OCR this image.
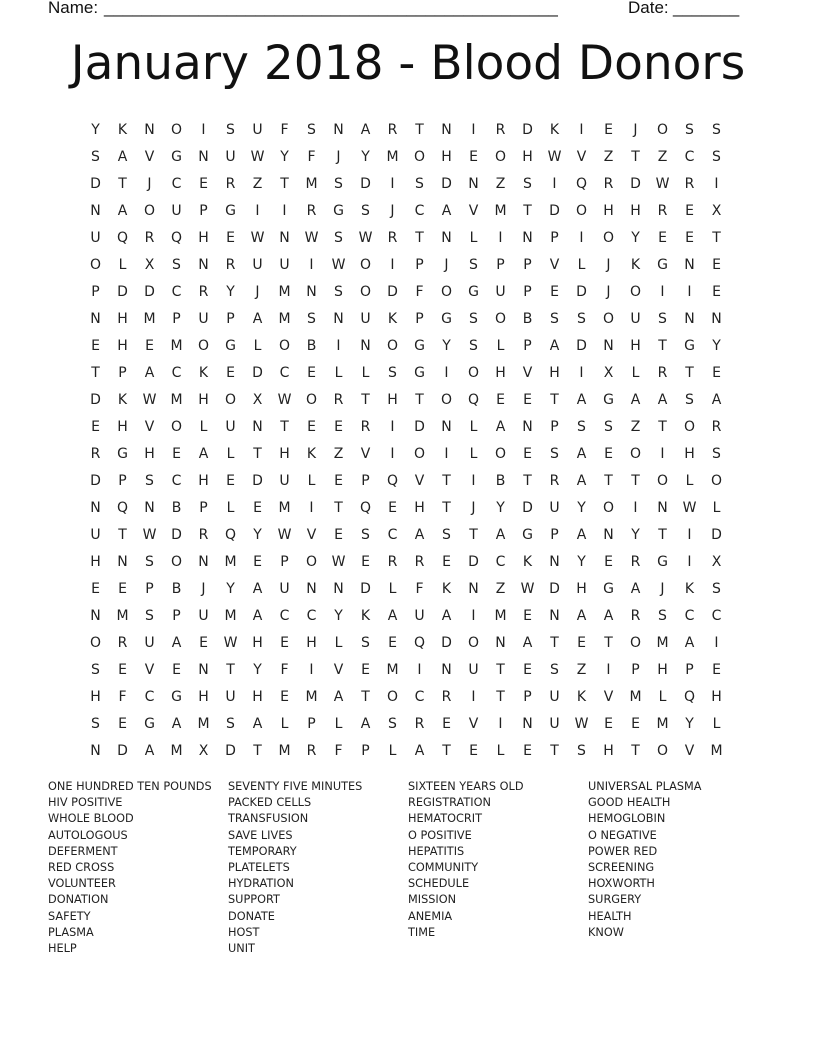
Name: ________________________________________________	Date: _______
January 2018 - Blood Donors
Y	K	N	O	I	S	U	F	S	N	A	R	T	N	I	R	D	K	I	E	J	O	S	S
S	A	V	G	N	U	W	Y	F	J	Y	M	O	H	E	O	H	W	V	Z	T	Z	C	S
D	T	J	C	E	R	Z	T	M	S	D	I	S	D	N	Z	S	I	Q	R	D	W	R	I
N	A	O	U	P	G	I	I	R	G	S	J	C	A	V	M	T	D	O	H	H	R	E	X
U	Q	R	Q	H	E	W	N	W	S	W	R	T	N	L	I	N	P	I	O	Y	E	E	T
O	L	X	S	N	R	U	U	I	W	O	I	P	J	S	P	P	V	L	J	K	G	N	E
P	D	D	C	R	Y	J	M	N	S	O	D	F	O	G	U	P	E	D	J	O	I	I	E
N	H	M	P	U	P	A	M	S	N	U	K	P	G	S	O	B	S	S	O	U	S	N	N
E	H	E	M	O	G	L	O	B	I	N	O	G	Y	S	L	P	A	D	N	H	T	G	Y
T	P	A	C	K	E	D	C	E	L	L	S	G	I	O	H	V	H	I	X	L	R	T	E
D	K	W	M	H	O	X	W	O	R	T	H	T	O	Q	E	E	T	A	G	A	A	S	A
E	H	V	O	L	U	N	T	E	E	R	I	D	N	L	A	N	P	S	S	Z	T	O	R
R	G	H	E	A	L	T	H	K	Z	V	I	O	I	L	O	E	S	A	E	O	I	H	S
D	P	S	C	H	E	D	U	L	E	P	Q	V	T	I	B	T	R	A	T	T	O	L	O
N	Q	N	B	P	L	E	M	I	T	Q	E	H	T	J	Y	D	U	Y	O	I	N	W	L
U	T	W	D	R	Q	Y	W	V	E	S	C	A	S	T	A	G	P	A	N	Y	T	I	D
H	N	S	O	N	M	E	P	O	W	E	R	R	E	D	C	K	N	Y	E	R	G	I	X
E	E	P	B	J	Y	A	U	N	N	D	L	F	K	N	Z	W	D	H	G	A	J	K	S
N	M	S	P	U	M	A	C	C	Y	K	A	U	A	I	M	E	N	A	A	R	S	C	C
O	R	U	A	E	W	H	E	H	L	S	E	Q	D	O	N	A	T	E	T	O	M	A	I
S	E	V	E	N	T	Y	F	I	V	E	M	I	N	U	T	E	S	Z	I	P	H	P	E
H	F	C	G	H	U	H	E	M	A	T	O	C	R	I	T	P	U	K	V	M	L	Q	H
S	E	G	A	M	S	A	L	P	L	A	S	R	E	V	I	N	U	W	E	E	M	Y	L
N	D	A	M	X	D	T	M	R	F	P	L	A	T	E	L	E	T	S	H	T	O	V	M
ONE HUNDRED TEN POUNDS
HIV POSITIVE
WHOLE BLOOD
AUTOLOGOUS
DEFERMENT
RED CROSS
VOLUNTEER
DONATION
SAFETY
PLASMA
HELP
SEVENTY FIVE MINUTES
PACKED CELLS
TRANSFUSION
SAVE LIVES
TEMPORARY
PLATELETS
HYDRATION
SUPPORT
DONATE
HOST
UNIT
SIXTEEN YEARS OLD
REGISTRATION
HEMATOCRIT
O POSITIVE
HEPATITIS
COMMUNITY
SCHEDULE
MISSION
ANEMIA
TIME
UNIVERSAL PLASMA
GOOD HEALTH
HEMOGLOBIN
O NEGATIVE
POWER RED
SCREENING
HOXWORTH
SURGERY
HEALTH
KNOW
